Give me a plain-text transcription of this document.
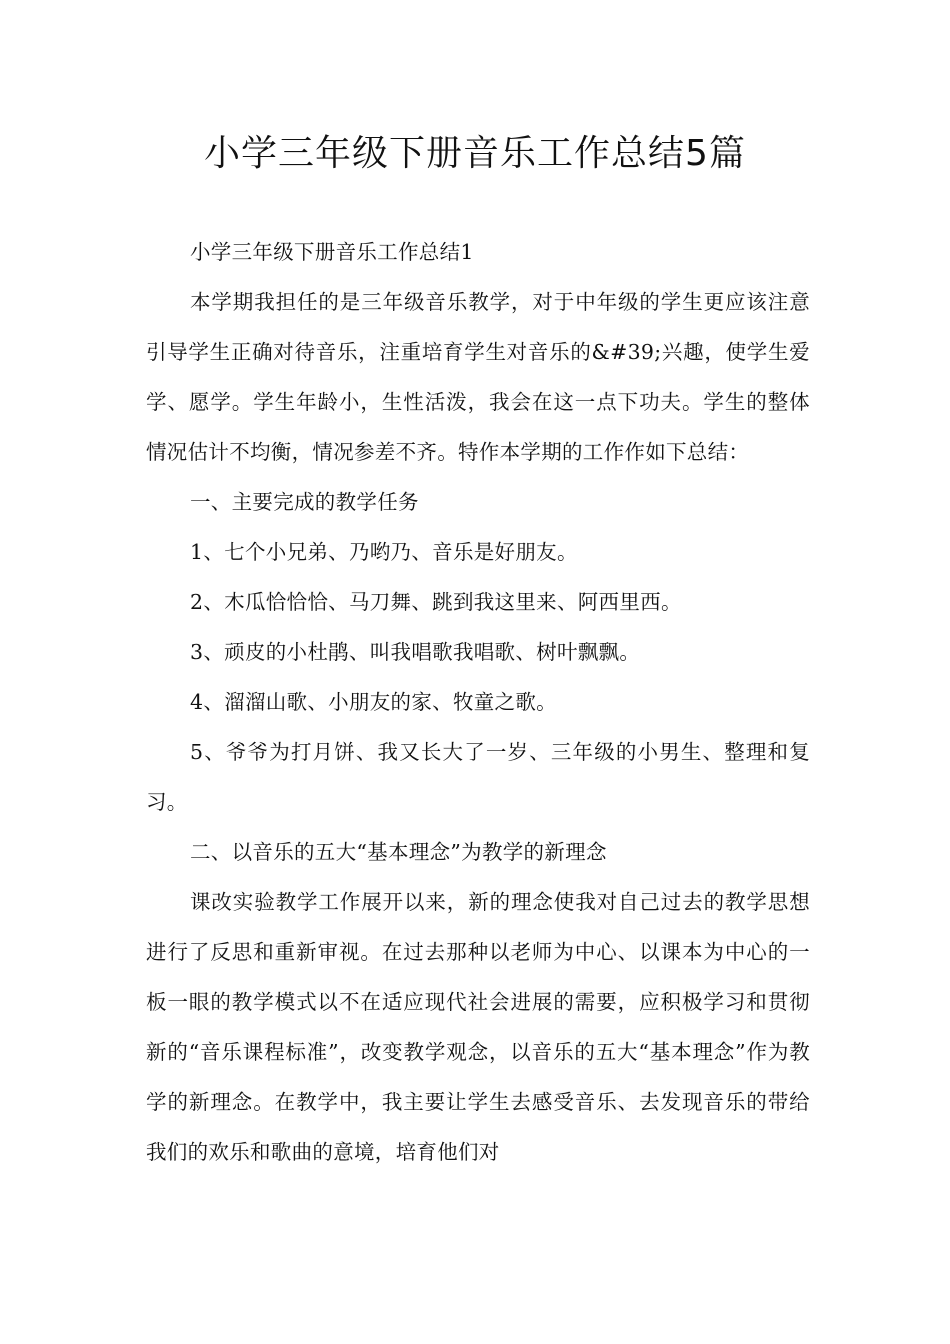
小学三年级下册音乐工作总结5篇

小学三年级下册音乐工作总结1

本学期我担任的是三年级音乐教学，对于中年级的学生更应该注意引导学生正确对待音乐，注重培育学生对音乐的&#39;兴趣，使学生爱学、愿学。学生年龄小，生性活泼，我会在这一点下功夫。学生的整体情况估计不均衡，情况参差不齐。特作本学期的工作作如下总结：

一、主要完成的教学任务

1、七个小兄弟、乃哟乃、音乐是好朋友。

2、木瓜恰恰恰、马刀舞、跳到我这里来、阿西里西。

3、顽皮的小杜鹃、叫我唱歌我唱歌、树叶飘飘。

4、溜溜山歌、小朋友的家、牧童之歌。

5、爷爷为打月饼、我又长大了一岁、三年级的小男生、整理和复习。

二、以音乐的五大“基本理念”为教学的新理念

课改实验教学工作展开以来，新的理念使我对自己过去的教学思想进行了反思和重新审视。在过去那种以老师为中心、以课本为中心的一板一眼的教学模式以不在适应现代社会进展的需要，应积极学习和贯彻新的“音乐课程标准”，改变教学观念，以音乐的五大“基本理念”作为教学的新理念。在教学中，我主要让学生去感受音乐、去发现音乐的带给我们的欢乐和歌曲的意境，培育他们对
